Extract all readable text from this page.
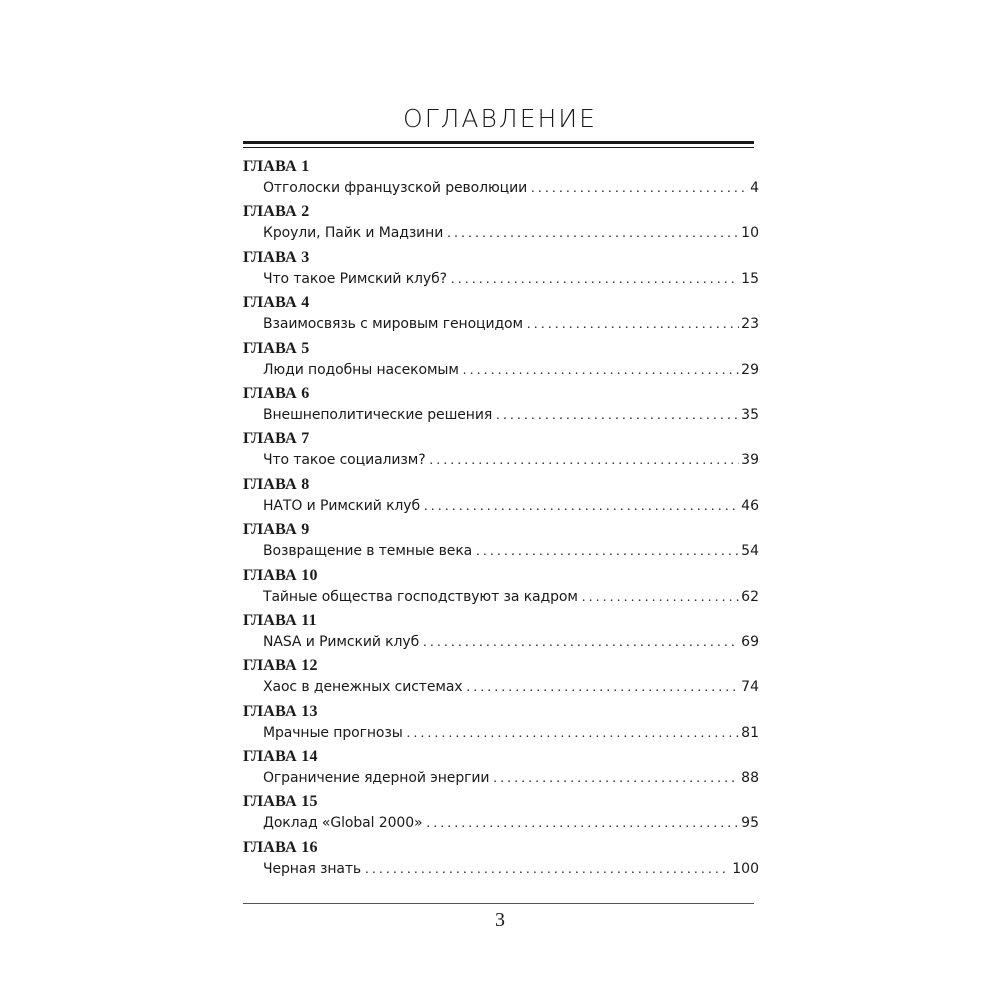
ОГЛАВЛЕНИЕ
ГЛАВА 1
Отголоски французской революции . . .	4
ГЛАВА 2
Кроули, Пайк и Мадзини . . .	10
ГЛАВА 3
Что такое Римский клуб? . . .	15
ГЛАВА 4
Взаимосвязь с мировым геноцидом . . .	23
ГЛАВА 5
Люди подобны насекомым . . .	29
ГЛАВА 6
Внешнеполитические решения . . .	35
ГЛАВА 7
Что такое социализм? . . .	39
ГЛАВА 8
НАТО и Римский клуб . . .	46
ГЛАВА 9
Возвращение в темные века . . .	54
ГЛАВА 10
Тайные общества господствуют за кадром . . .	62
ГЛАВА 11
NASA и Римский клуб . . .	69
ГЛАВА 12
Хаос в денежных системах . . .	74
ГЛАВА 13
Мрачные прогнозы . . .	81
ГЛАВА 14
Ограничение ядерной энергии . . .	88
ГЛАВА 15
Доклад «Global 2000» . . .	95
ГЛАВА 16
Черная знать . . .	100
3
